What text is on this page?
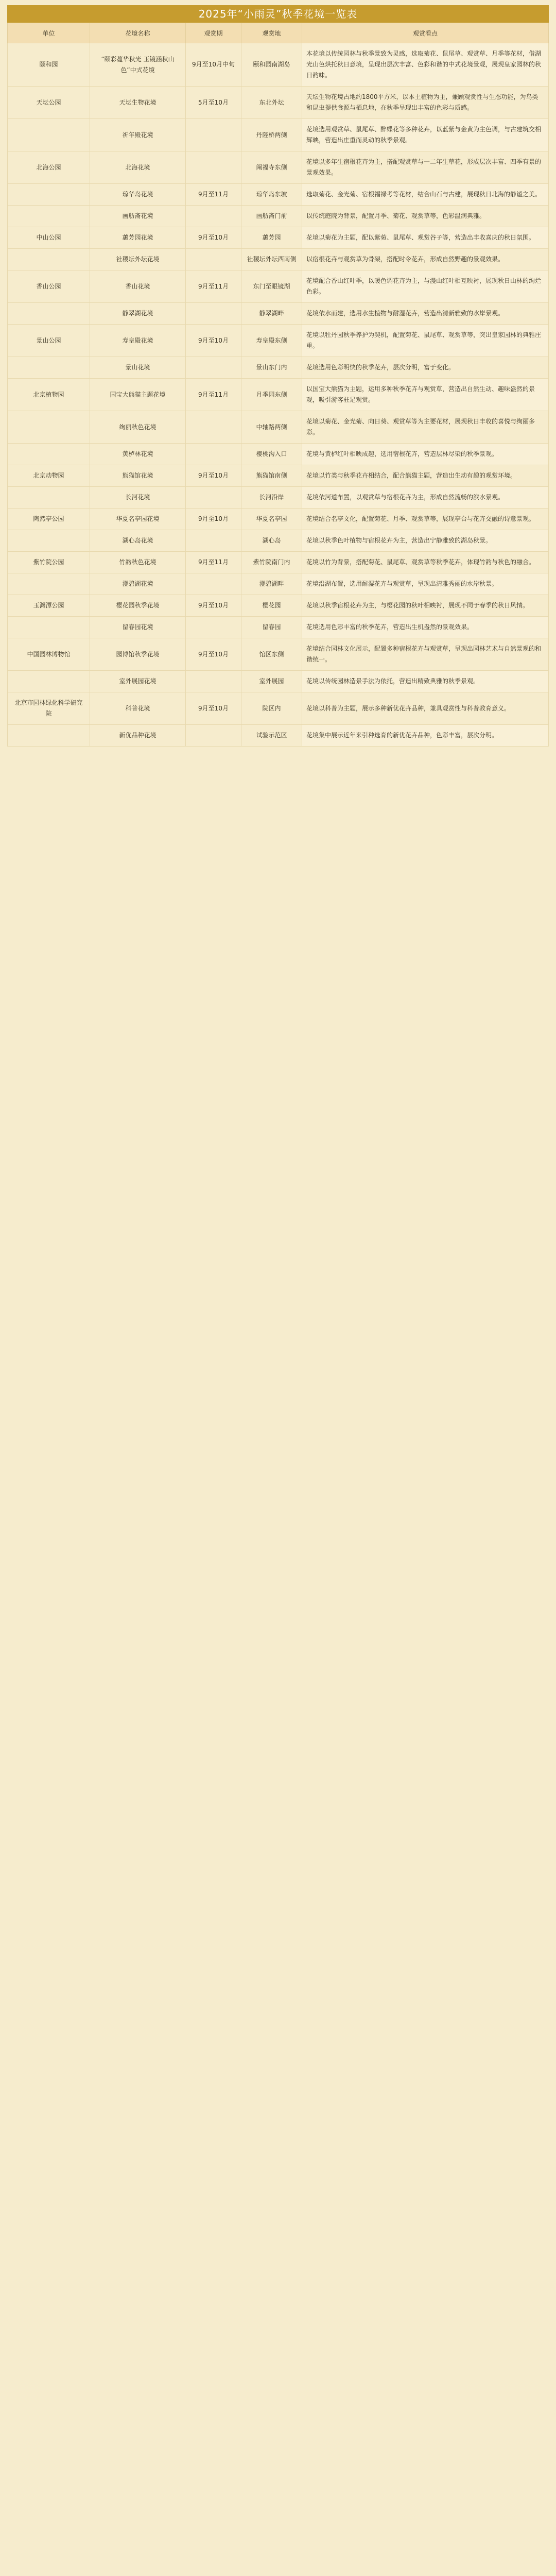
2025年“小雨灵”秋季花境一览表
单位	花境名称	观赏期	观赏地	观赏看点
颐和园	“颐彩蔓华秋光 玉镜涵秋山色”中式花境	9月至10月中旬	颐和园南湖岛	本花境以传统园林与秋季景致为灵感，选取菊花、鼠尾草、观赏草、月季等花材，借湖光山色烘托秋日意境，呈现出层次丰富、色彩和谐的中式花境景观，展现皇家园林的秋日韵味。
天坛公园	天坛生物花境	5月至10月	东北外坛	天坛生物花境占地约1800平方米，以本土植物为主，兼顾观赏性与生态功能，为鸟类和昆虫提供食源与栖息地，在秋季呈现出丰富的色彩与质感。
	祈年殿花境		丹陛桥两侧	花境选用观赏草、鼠尾草、醉蝶花等多种花卉，以蓝紫与金黄为主色调，与古建筑交相辉映，营造出庄重而灵动的秋季景观。
北海公园	北海花境		阐福寺东侧	花境以多年生宿根花卉为主，搭配观赏草与一二年生草花，形成层次丰富、四季有景的景观效果。
	琼华岛花境	9月至11月	琼华岛东坡	选取菊花、金光菊、宿根福禄考等花材，结合山石与古建，展现秋日北海的静谧之美。
	画舫斋花境		画舫斋门前	以传统庭院为背景，配置月季、菊花、观赏草等，色彩温润典雅。
中山公园	蕙芳园花境	9月至10月	蕙芳园	花境以菊花为主题，配以紫菀、鼠尾草、观赏谷子等，营造出丰收喜庆的秋日氛围。
	社稷坛外坛花境		社稷坛外坛西南侧	以宿根花卉与观赏草为骨架，搭配时令花卉，形成自然野趣的景观效果。
香山公园	香山花境	9月至11月	东门至眼镜湖	花境配合香山红叶季，以暖色调花卉为主，与漫山红叶相互映衬，展现秋日山林的绚烂色彩。
	静翠湖花境		静翠湖畔	花境依水而建，选用水生植物与耐湿花卉，营造出清新雅致的水岸景观。
景山公园	寿皇殿花境	9月至10月	寿皇殿东侧	花境以牡丹园秋季养护为契机，配置菊花、鼠尾草、观赏草等，突出皇家园林的典雅庄重。
	景山花境		景山东门内	花境选用色彩明快的秋季花卉，层次分明，富于变化。
北京植物园	国宝大熊猫主题花境	9月至11月	月季园东侧	以国宝大熊猫为主题，运用多种秋季花卉与观赏草，营造出自然生动、趣味盎然的景观，吸引游客驻足观赏。
	绚丽秋色花境		中轴路两侧	花境以菊花、金光菊、向日葵、观赏草等为主要花材，展现秋日丰收的喜悦与绚丽多彩。
	黄栌林花境		樱桃沟入口	花境与黄栌红叶相映成趣，选用宿根花卉，营造层林尽染的秋季景观。
北京动物园	熊猫馆花境	9月至10月	熊猫馆南侧	花境以竹类与秋季花卉相结合，配合熊猫主题，营造出生动有趣的观赏环境。
	长河花境		长河沿岸	花境依河道布置，以观赏草与宿根花卉为主，形成自然流畅的滨水景观。
陶然亭公园	华夏名亭园花境	9月至10月	华夏名亭园	花境结合名亭文化，配置菊花、月季、观赏草等，展现亭台与花卉交融的诗意景观。
	湖心岛花境		湖心岛	花境以秋季色叶植物与宿根花卉为主，营造出宁静雅致的湖岛秋景。
紫竹院公园	竹韵秋色花境	9月至11月	紫竹院南门内	花境以竹为背景，搭配菊花、鼠尾草、观赏草等秋季花卉，体现竹韵与秋色的融合。
	澄碧湖花境		澄碧湖畔	花境沿湖布置，选用耐湿花卉与观赏草，呈现出清雅秀丽的水岸秋景。
玉渊潭公园	樱花园秋季花境	9月至10月	樱花园	花境以秋季宿根花卉为主，与樱花园的秋叶相映衬，展现不同于春季的秋日风情。
	留春园花境		留春园	花境选用色彩丰富的秋季花卉，营造出生机盎然的景观效果。
中国园林博物馆	园博馆秋季花境	9月至10月	馆区东侧	花境结合园林文化展示，配置多种宿根花卉与观赏草，呈现出园林艺术与自然景观的和谐统一。
	室外展园花境		室外展园	花境以传统园林造景手法为依托，营造出精致典雅的秋季景观。
北京市园林绿化科学研究院	科普花境	9月至10月	院区内	花境以科普为主题，展示多种新优花卉品种，兼具观赏性与科普教育意义。
	新优品种花境		试验示范区	花境集中展示近年来引种选育的新优花卉品种，色彩丰富，层次分明。
